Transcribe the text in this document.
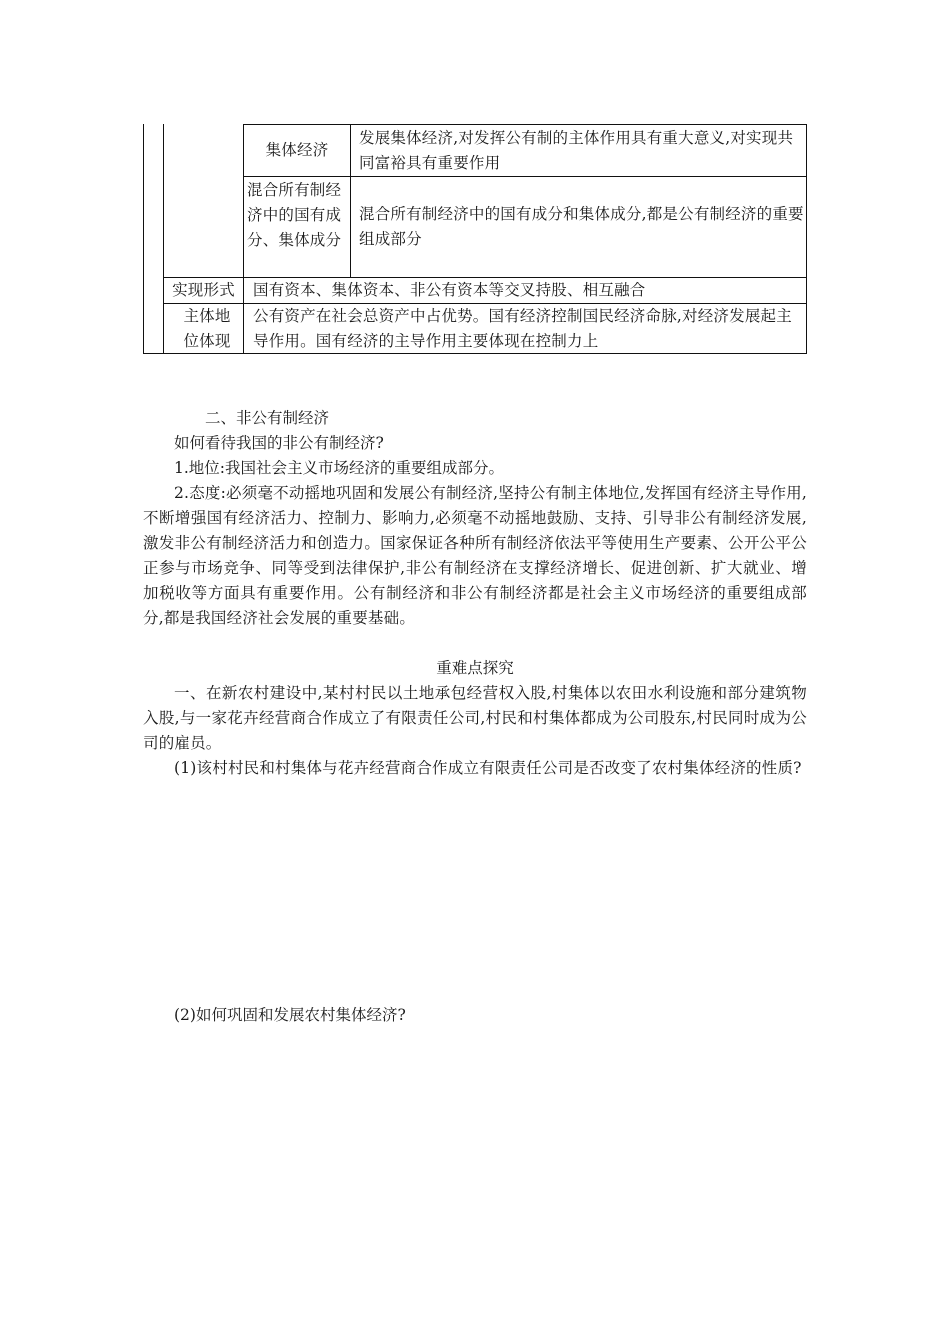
集体经济
发展集体经济,对发挥公有制的主体作用具有重大意义,对实现共同富裕具有重要作用
混合所有制经济中的国有成分、集体成分
混合所有制经济中的国有成分和集体成分,都是公有制经济的重要组成部分
实现形式	国有资本、集体资本、非公有资本等交叉持股、相互融合
主体地位体现
公有资产在社会总资产中占优势。国有经济控制国民经济命脉,对经济发展起主导作用。国有经济的主导作用主要体现在控制力上
二、非公有制经济
如何看待我国的非公有制经济?
1.地位:我国社会主义市场经济的重要组成部分。
2.态度:必须毫不动摇地巩固和发展公有制经济,坚持公有制主体地位,发挥国有经济主导作用,不断增强国有经济活力、控制力、影响力,必须毫不动摇地鼓励、支持、引导非公有制经济发展,激发非公有制经济活力和创造力。国家保证各种所有制经济依法平等使用生产要素、公开公平公正参与市场竞争、同等受到法律保护,非公有制经济在支撑经济增长、促进创新、扩大就业、增加税收等方面具有重要作用。公有制经济和非公有制经济都是社会主义市场经济的重要组成部分,都是我国经济社会发展的重要基础。
重难点探究
一、在新农村建设中,某村村民以土地承包经营权入股,村集体以农田水利设施和部分建筑物入股,与一家花卉经营商合作成立了有限责任公司,村民和村集体都成为公司股东,村民同时成为公司的雇员。
(1)该村村民和村集体与花卉经营商合作成立有限责任公司是否改变了农村集体经济的性质?
(2)如何巩固和发展农村集体经济?
